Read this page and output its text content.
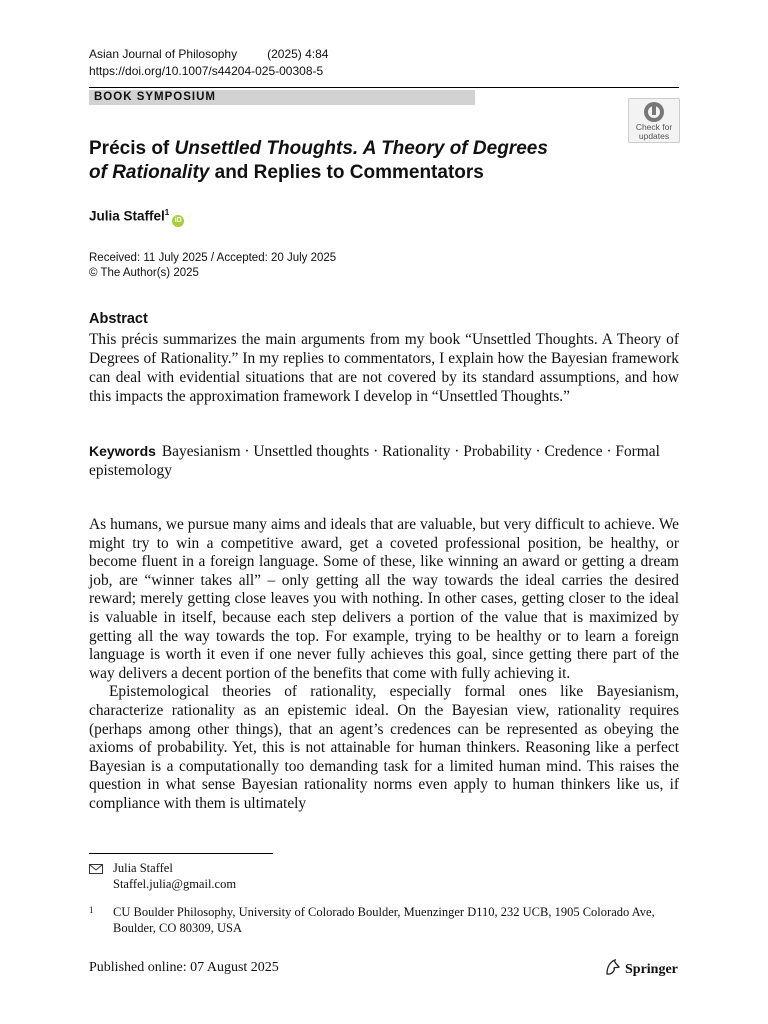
Asian Journal of Philosophy	(2025) 4:84
https://doi.org/10.1007/s44204-025-00308-5
BOOK SYMPOSIUM
Check for updates
Précis of Unsettled Thoughts. A Theory of Degrees of Rationality and Replies to Commentators
Julia Staffel$^1$iD
Received: 11 July 2025 / Accepted: 20 July 2025
© The Author(s) 2025
Abstract
This précis summarizes the main arguments from my book “Unsettled Thoughts. A Theory of Degrees of Rationality.” In my replies to commentators, I explain how the Bayesian framework can deal with evidential situations that are not covered by its standard assumptions, and how this impacts the approximation framework I develop in “Unsettled Thoughts.”
Keywords Bayesianism · Unsettled thoughts · Rationality · Probability · Credence · Formal epistemology

As humans, we pursue many aims and ideals that are valuable, but very difficult to achieve. We might try to win a competitive award, get a coveted professional position, be healthy, or become fluent in a foreign language. Some of these, like winning an award or getting a dream job, are “winner takes all” – only getting all the way towards the ideal carries the desired reward; merely getting close leaves you with nothing. In other cases, getting closer to the ideal is valuable in itself, because each step delivers a portion of the value that is maximized by getting all the way towards the top. For example, trying to be healthy or to learn a foreign language is worth it even if one never fully achieves this goal, since getting there part of the way delivers a decent portion of the benefits that come with fully achieving it.

Epistemological theories of rationality, especially formal ones like Bayesianism, characterize rationality as an epistemic ideal. On the Bayesian view, rationality requires (perhaps among other things), that an agent’s credences can be represented as obeying the axioms of probability. Yet, this is not attainable for human thinkers. Reasoning like a perfect Bayesian is a computationally too demanding task for a limited human mind. This raises the question in what sense Bayesian rationality norms even apply to human thinkers like us, if compliance with them is ultimately

Julia Staffel
Staffel.julia@gmail.com
1	CU Boulder Philosophy, University of Colorado Boulder, Muenzinger D110, 232 UCB, 1905 Colorado Ave, Boulder, CO 80309, USA
Published online: 07 August 2025	Springer
